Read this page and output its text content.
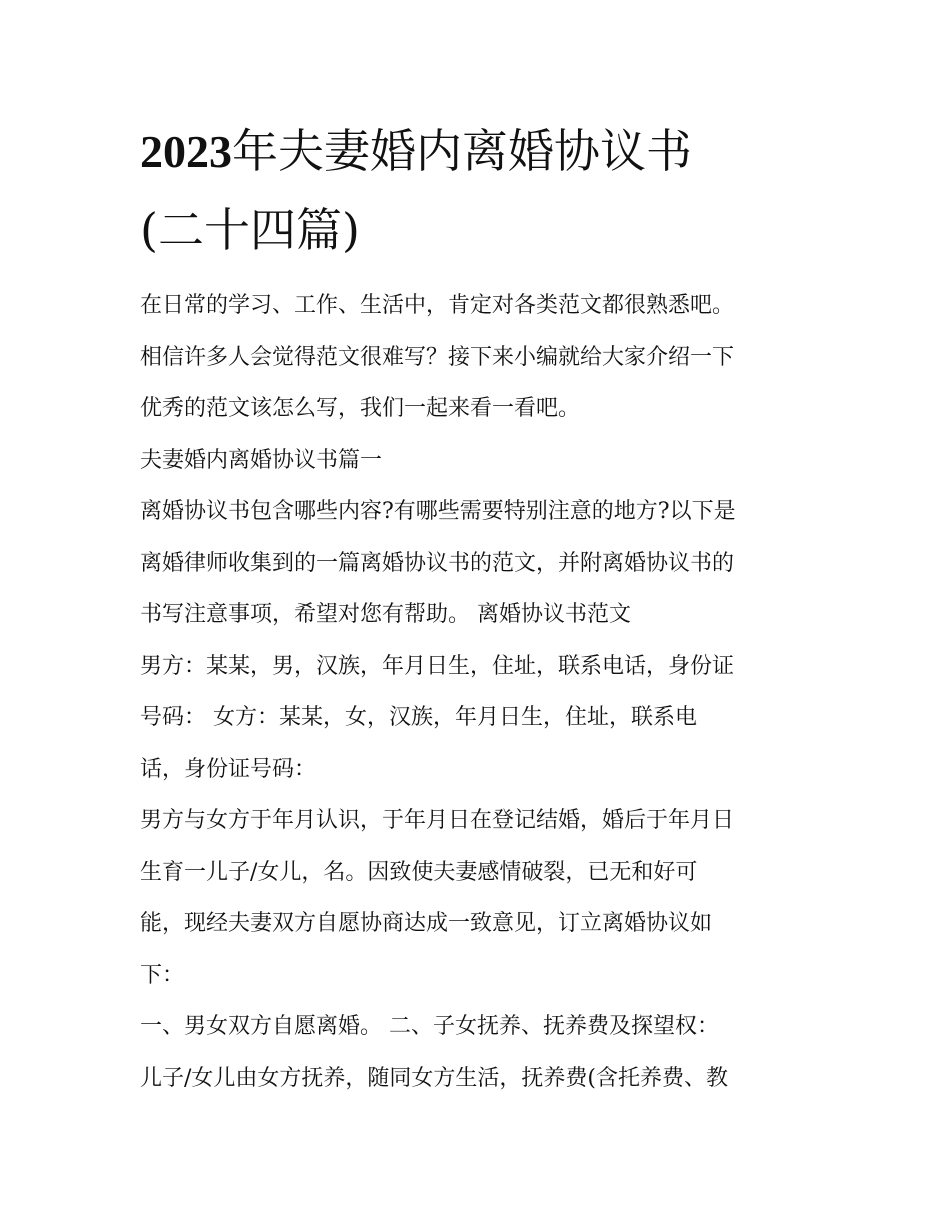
2023年夫妻婚内离婚协议书
(二十四篇)
在日常的学习、工作、生活中，肯定对各类范文都很熟悉吧。
相信许多人会觉得范文很难写？接下来小编就给大家介绍一下
优秀的范文该怎么写，我们一起来看一看吧。
夫妻婚内离婚协议书篇一
离婚协议书包含哪些内容?有哪些需要特别注意的地方?以下是
离婚律师收集到的一篇离婚协议书的范文，并附离婚协议书的
书写注意事项，希望对您有帮助。 离婚协议书范文
男方：某某，男，汉族，年月日生，住址，联系电话，身份证
号码： 女方：某某，女，汉族，年月日生，住址，联系电
话，身份证号码：
男方与女方于年月认识，于年月日在登记结婚，婚后于年月日
生育一儿子/女儿，名。因致使夫妻感情破裂，已无和好可
能，现经夫妻双方自愿协商达成一致意见，订立离婚协议如
下：
一、男女双方自愿离婚。 二、子女抚养、抚养费及探望权：
儿子/女儿由女方抚养，随同女方生活，抚养费(含托养费、教
